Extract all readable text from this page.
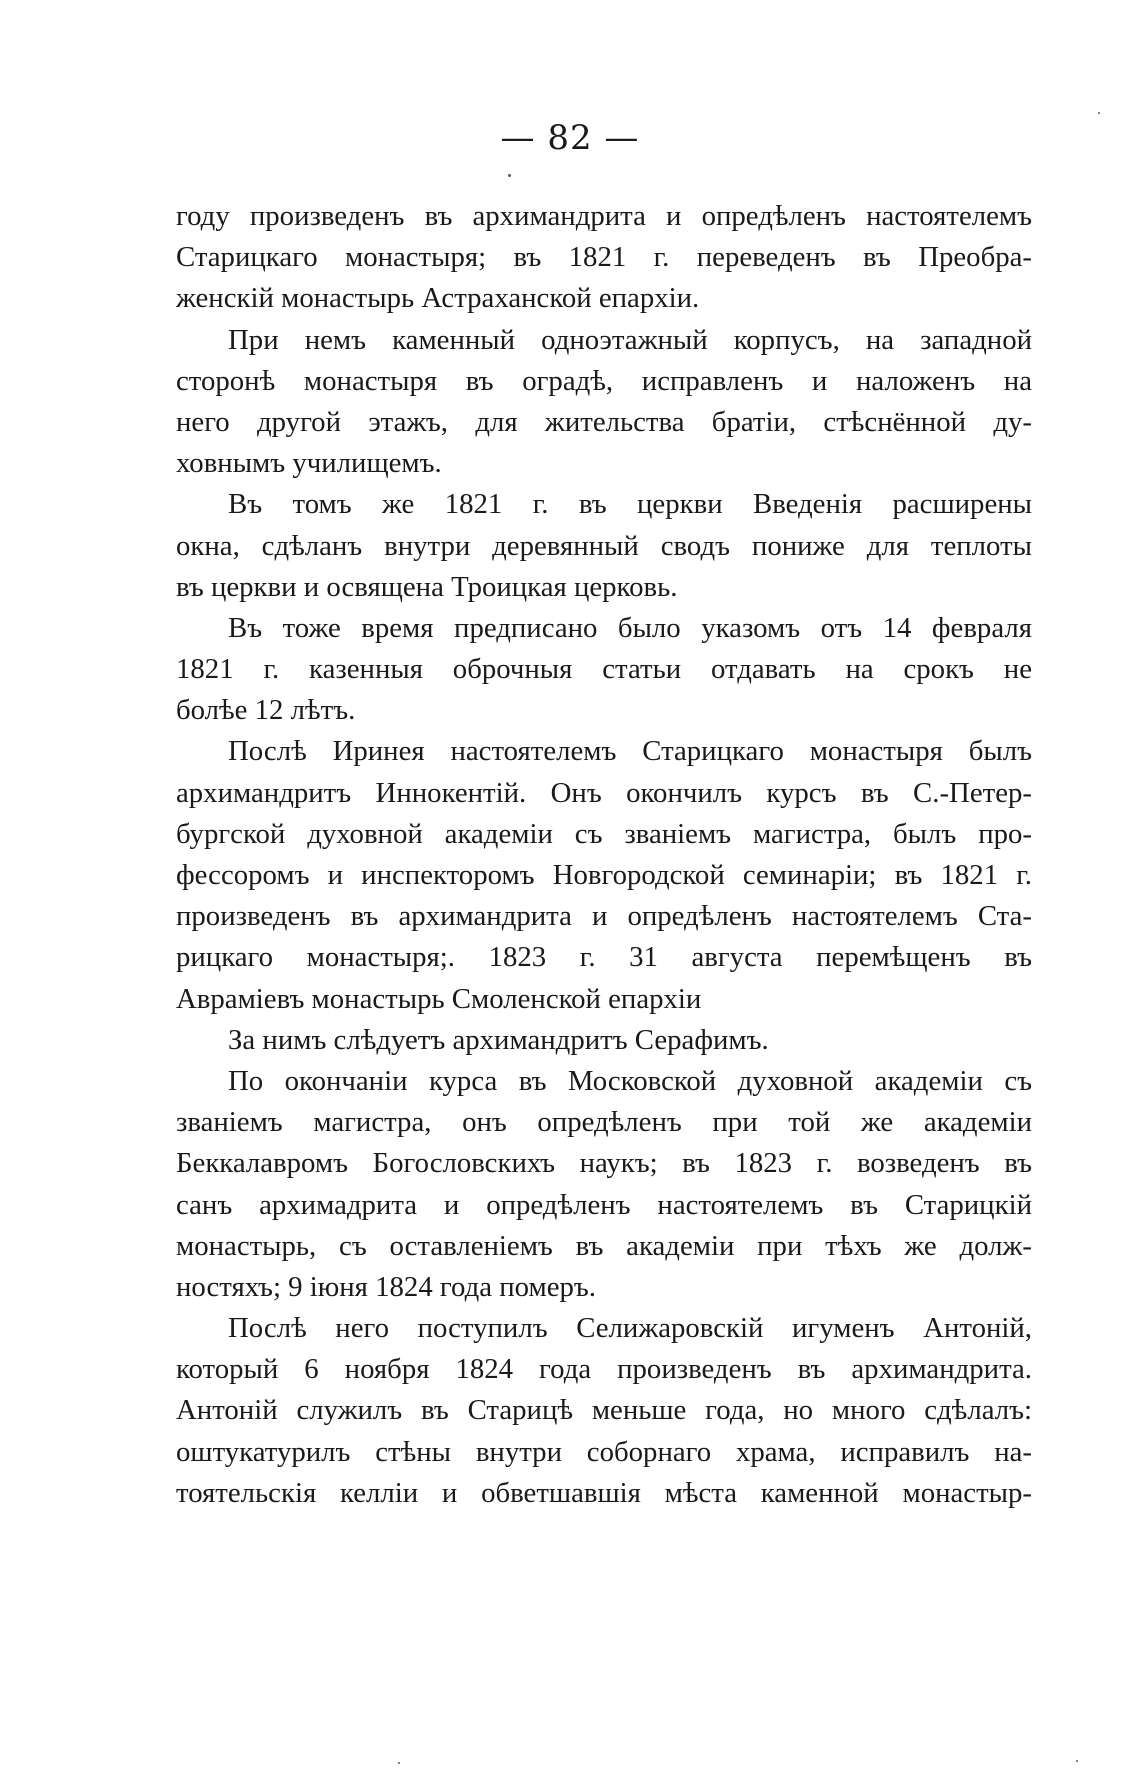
— 82 —
году произведенъ въ архимандрита и опредѣленъ настоятелемъ
Старицкаго монастыря; въ 1821 г. переведенъ въ Преобра-
женскій монастырь Астраханской епархіи.
При немъ каменный одноэтажный корпусъ, на западной
сторонѣ монастыря въ оградѣ, исправленъ и наложенъ на
него другой этажъ, для жительства братіи, стѣснённой ду-
ховнымъ училищемъ.
Въ томъ же 1821 г. въ церкви Введенія расширены
окна, сдѣланъ внутри деревянный сводъ пониже для теплоты
въ церкви и освящена Троицкая церковь.
Въ тоже время предписано было указомъ отъ 14 февраля
1821 г. казенныя оброчныя статьи отдавать на срокъ не
болѣе 12 лѣтъ.
Послѣ Иринея настоятелемъ Старицкаго монастыря былъ
архимандритъ Иннокентій. Онъ окончилъ курсъ въ С.-Петер-
бургской духовной академіи съ званіемъ магистра, былъ про-
фессоромъ и инспекторомъ Новгородской семинаріи; въ 1821 г.
произведенъ въ архимандрита и опредѣленъ настоятелемъ Ста-
рицкаго монастыря;. 1823 г. 31 августа перемѣщенъ въ
Авраміевъ монастырь Смоленской епархіи
За нимъ слѣдуетъ архимандритъ Серафимъ.
По окончаніи курса въ Московской духовной академіи съ
званіемъ магистра, онъ опредѣленъ при той же академіи
Беккалавромъ Богословскихъ наукъ; въ 1823 г. возведенъ въ
санъ архимадрита и опредѣленъ настоятелемъ въ Старицкій
монастырь, съ оставленіемъ въ академіи при тѣхъ же долж-
ностяхъ; 9 іюня 1824 года померъ.
Послѣ него поступилъ Селижаровскій игуменъ Антоній,
который 6 ноября 1824 года произведенъ въ архимандрита.
Антоній служилъ въ Старицѣ меньше года, но много сдѣлалъ:
оштукатурилъ стѣны внутри соборнаго храма, исправилъ на-
тоятельскія келліи и обветшавшія мѣста каменной монастыр-
